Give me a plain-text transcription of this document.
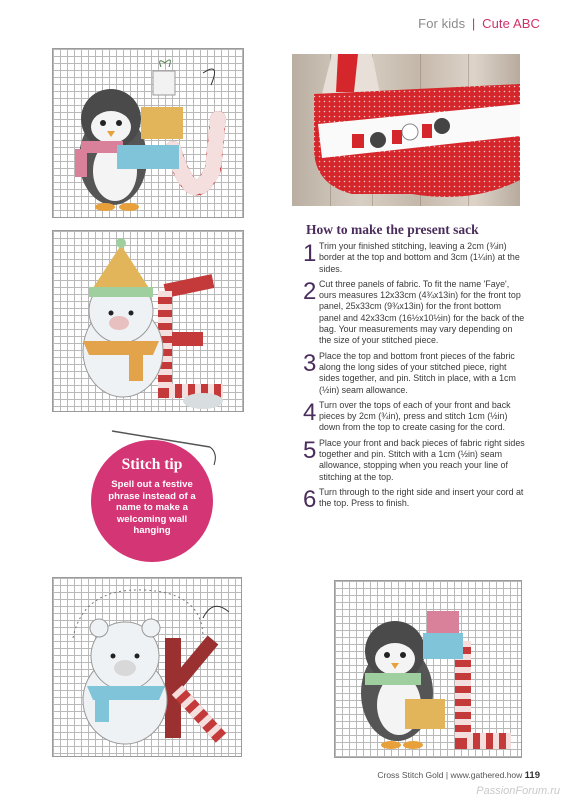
For kids | Cute ABC
Stitch tip
Spell out a festive phrase instead of a name to make a welcoming wall hanging
How to make the present sack
1 Trim your finished stitching, leaving a 2cm (¾in) border at the top and bottom and 3cm (1¼in) at the sides.
2 Cut three panels of fabric. To fit the name 'Faye', ours measures 12x33cm (4¾x13in) for the front top panel, 25x33cm (9¾x13in) for the front bottom panel and 42x33cm (16½x10½in) for the back of the bag. Your measurements may vary depending on the size of your stitched piece.
3 Place the top and bottom front pieces of the fabric along the long sides of your stitched piece, right sides together, and pin. Stitch in place, with a 1cm (½in) seam allowance.
4 Turn over the tops of each of your front and back pieces by 2cm (¾in), press and stitch 1cm (½in) down from the top to create casing for the cord.
5 Place your front and back pieces of fabric right sides together and pin. Stitch with a 1cm (½in) seam allowance, stopping when you reach your line of stitching at the top.
6 Turn through to the right side and insert your cord at the top. Press to finish.
Cross Stitch Gold | www.gathered.how 119
PassionForum.ru
